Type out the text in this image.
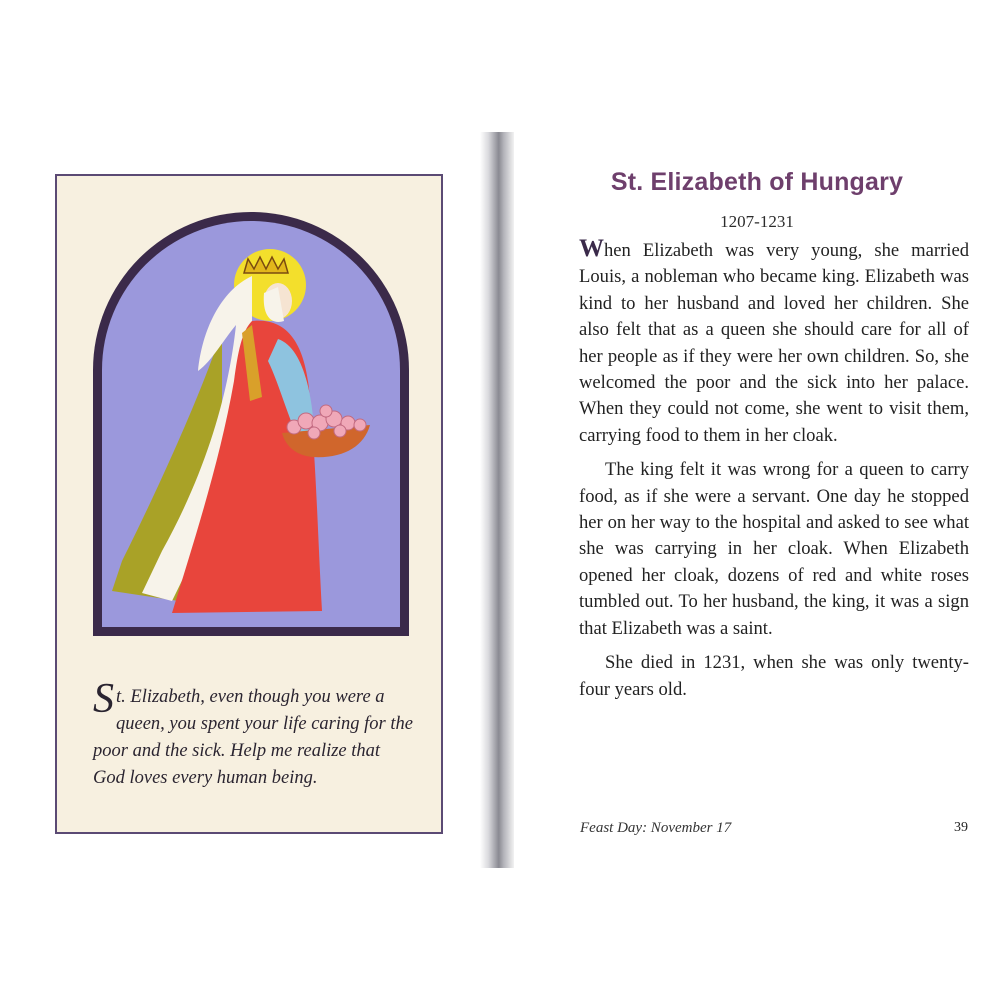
St. Elizabeth, even though you were a queen, you spent your life caring for the poor and the sick. Help me realize that God loves every human being.
St. Elizabeth of Hungary
1207-1231

When Elizabeth was very young, she married Louis, a nobleman who became king. Elizabeth was kind to her husband and loved her children. She also felt that as a queen she should care for all of her people as if they were her own children. So, she welcomed the poor and the sick into her palace. When they could not come, she went to visit them, carrying food to them in her cloak.

The king felt it was wrong for a queen to carry food, as if she were a servant. One day he stopped her on her way to the hospital and asked to see what she was carrying in her cloak. When Elizabeth opened her cloak, dozens of red and white roses tumbled out. To her husband, the king, it was a sign that Elizabeth was a saint.

She died in 1231, when she was only twenty-four years old.

Feast Day: November 17	39
